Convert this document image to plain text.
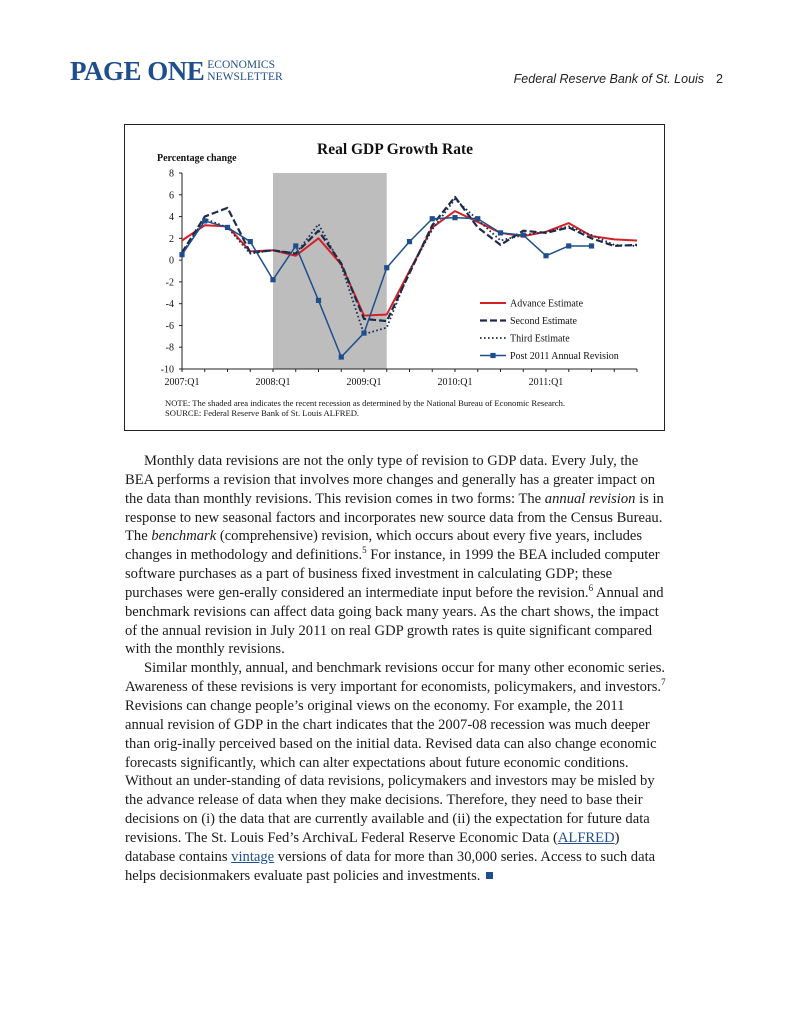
PAGE ONE ECONOMICS
NEWSLETTER	Federal Reserve Bank of St. Louis 2
8
6
4
2
0
-2
-4
-6
-8
-10
2007:Q1	2008:Q1	2009:Q1	2010:Q1	2011:Q1
Advance Estimate
Second Estimate
Third Estimate
Post 2011 Annual Revision
Real GDP Growth Rate
Percentage change
NOTE: The shaded area indicates the recent recession as determined by the National Bureau of Economic Research.
SOURCE: Federal Reserve Bank of St. Louis ALFRED.

Monthly data revisions are not the only type of revision to GDP data. Every July, the BEA performs a revision that involves more changes and generally has a greater impact on the data than monthly revisions. This revision comes in two forms: The annual revision is in response to new seasonal factors and incorporates new source data from the Census Bureau. The benchmark (comprehensive) revision, which occurs about every five years, includes changes in methodology and definitions.$^5$ For instance, in 1999 the BEA included computer software purchases as a part of business fixed investment in calculating GDP; these purchases were gen-erally considered an intermediate input before the revision.$^6$ Annual and benchmark revisions can affect data going back many years. As the chart shows, the impact of the annual revision in July 2011 on real GDP growth rates is quite significant compared with the monthly revisions.

Similar monthly, annual, and benchmark revisions occur for many other economic series. Awareness of these revisions is very important for economists, policymakers, and investors.$^7$ Revisions can change people’s original views on the economy. For example, the 2011 annual revision of GDP in the chart indicates that the 2007-08 recession was much deeper than orig-inally perceived based on the initial data. Revised data can also change economic forecasts significantly, which can alter expectations about future economic conditions. Without an under-standing of data revisions, policymakers and investors may be misled by the advance release of data when they make decisions. Therefore, they need to base their decisions on (i) the data that are currently available and (ii) the expectation for future data revisions. The St. Louis Fed’s ArchivaL Federal Reserve Economic Data (ALFRED) database contains vintage versions of data for more than 30,000 series. Access to such data helps decisionmakers evaluate past policies and investments.
